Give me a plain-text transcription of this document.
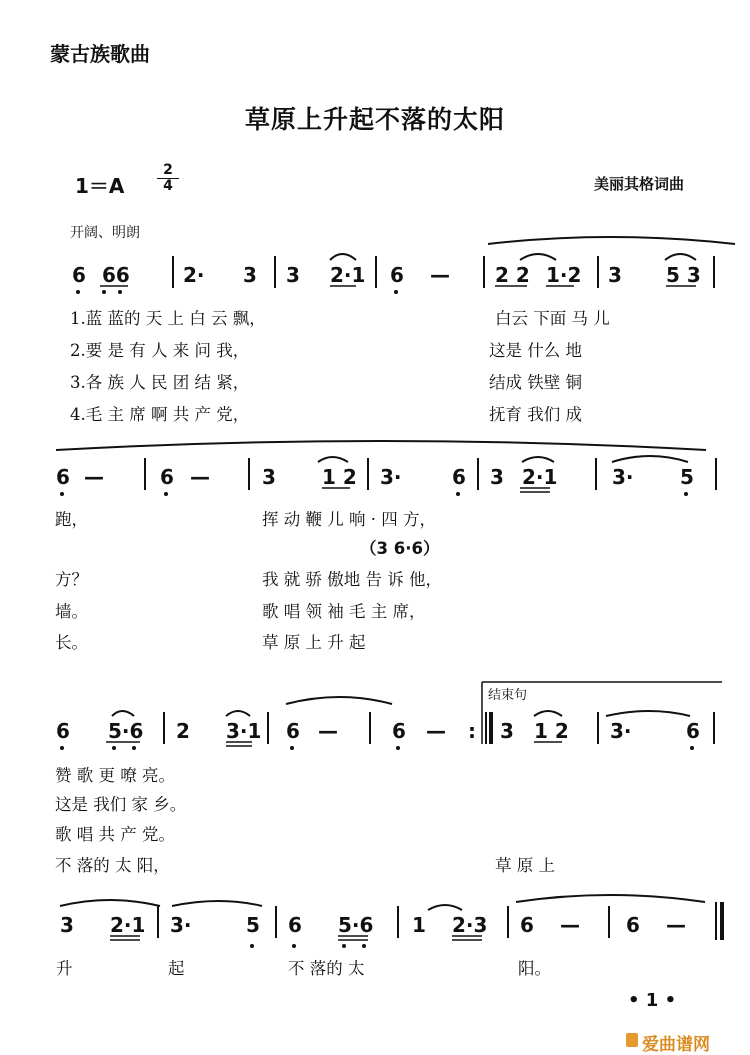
蒙古族歌曲
草原上升起不落的太阳
1＝A
2
4	美丽其格词曲
开阔、明朗
6 66	2· 3 3 2·1 6 — 2 2 1·2 3 5 3
6 —	6 —	3 1 2 3·	6 3 2·1	3· 5
6 5·6 2 3·1 6 —	6 — : 3 1 2 3·	6
3 2·1 3·	5 6 5·6 1 2·3 6 — 6 —
1.蓝 蓝的 天 上 白 云 飘，	白云 下面 马 儿
2.要 是 有 人 来 问 我，	这是 什么 地
3.各 族 人 民 团 结 紧，	结成 铁壁 铜
4.毛 主 席 啊 共 产 党，	抚育 我们 成
跑，	挥 动 鞭 儿 响 · 四 方，
（3 6·6）
方？	我 就 骄 傲地 告 诉 他，
墙。	歌 唱 领 袖 毛 主 席，
长。	草 原 上 升 起
结束句
赞 歌 更 嘹 亮。
这是 我们 家 乡。
歌 唱 共 产 党。
不 落的 太 阳，	草 原 上
升	起	不 落的 太	阳。
• 1 •
爱曲谱网
